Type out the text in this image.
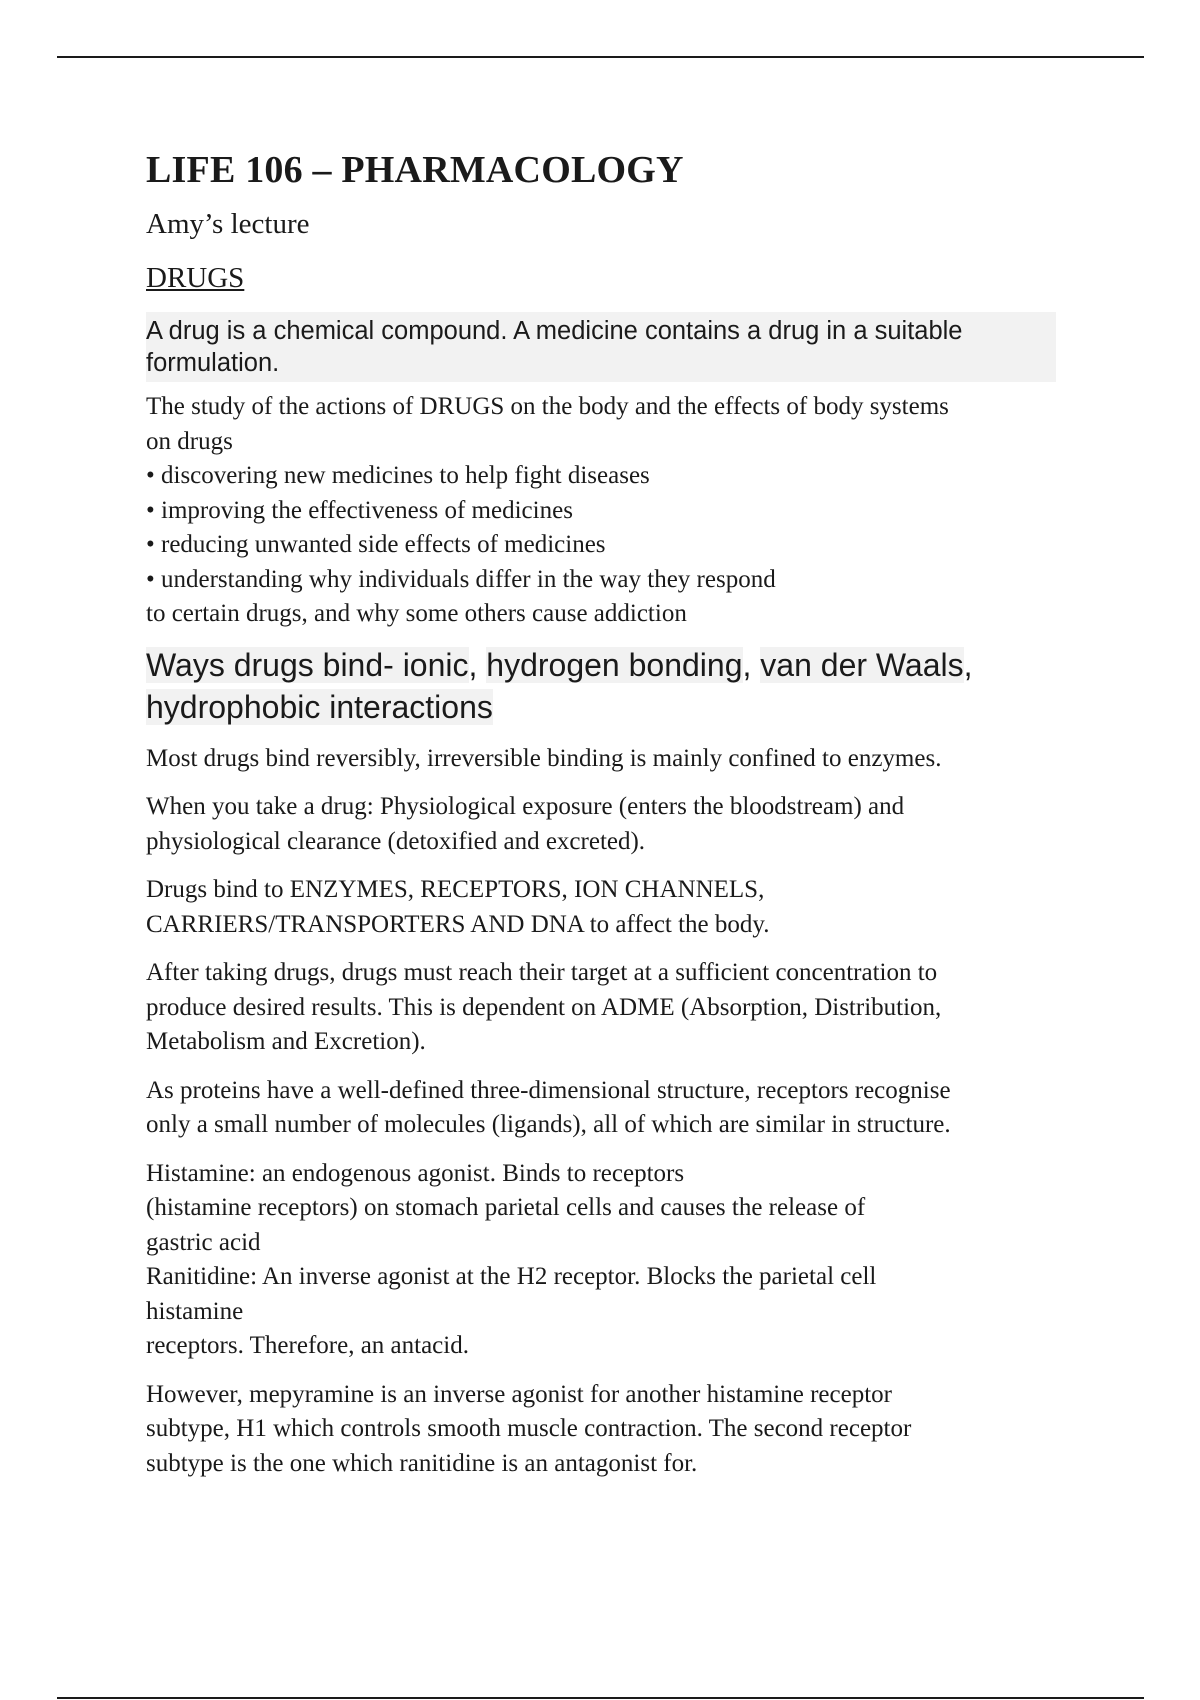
LIFE 106 – PHARMACOLOGY
Amy’s lecture
DRUGS
A drug is a chemical compound. A medicine contains a drug in a suitable formulation.
The study of the actions of DRUGS on the body and the effects of body systems
on drugs
• discovering new medicines to help fight diseases
• improving the effectiveness of medicines
• reducing unwanted side effects of medicines
• understanding why individuals differ in the way they respond
to certain drugs, and why some others cause addiction
Ways drugs bind- ionic, hydrogen bonding, van der Waals,
hydrophobic interactions
Most drugs bind reversibly, irreversible binding is mainly confined to enzymes.
When you take a drug: Physiological exposure (enters the bloodstream) and
physiological clearance (detoxified and excreted).
Drugs bind to ENZYMES, RECEPTORS, ION CHANNELS,
CARRIERS/TRANSPORTERS AND DNA to affect the body.
After taking drugs, drugs must reach their target at a sufficient concentration to
produce desired results. This is dependent on ADME (Absorption, Distribution,
Metabolism and Excretion).
As proteins have a well-defined three-dimensional structure, receptors recognise
only a small number of molecules (ligands), all of which are similar in structure.
Histamine: an endogenous agonist. Binds to receptors
(histamine receptors) on stomach parietal cells and causes the release of
gastric acid
Ranitidine: An inverse agonist at the H2 receptor. Blocks the parietal cell
histamine
receptors. Therefore, an antacid.
However, mepyramine is an inverse agonist for another histamine receptor
subtype, H1 which controls smooth muscle contraction. The second receptor
subtype is the one which ranitidine is an antagonist for.
